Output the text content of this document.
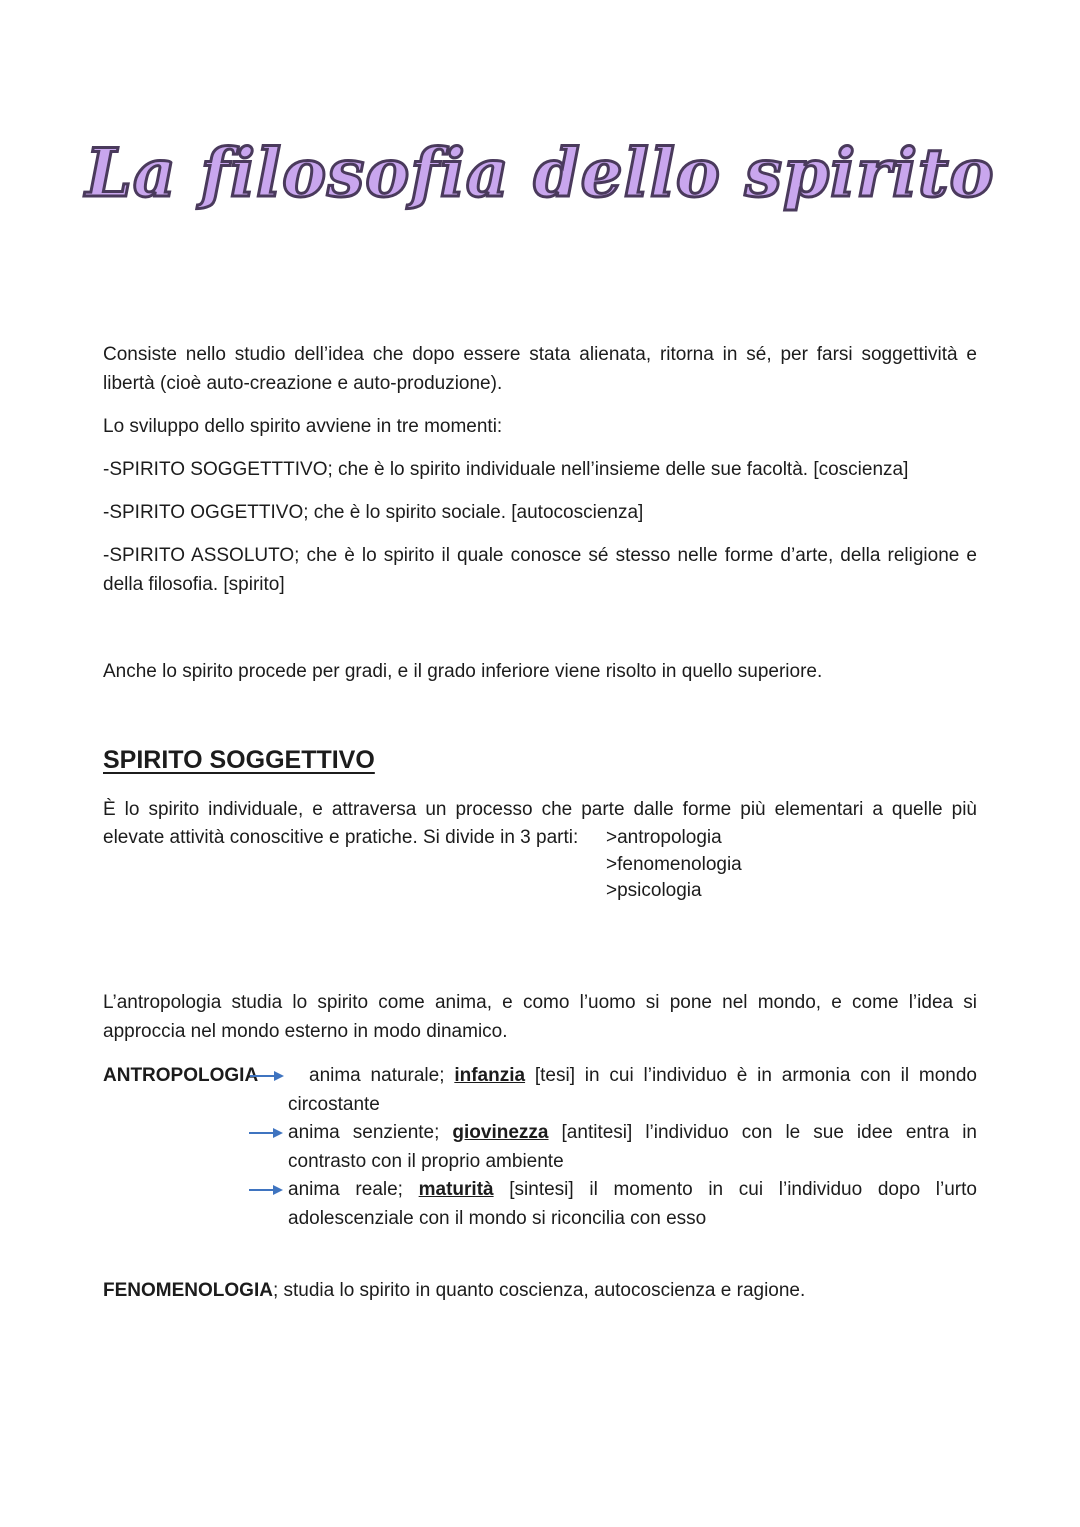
La filosofia dello spirito

Consiste nello studio dell’idea che dopo essere stata alienata, ritorna in sé, per farsi soggettività e libertà (cioè auto-creazione e auto-produzione).

Lo sviluppo dello spirito avviene in tre momenti:

-SPIRITO SOGGETTTIVO; che è lo spirito individuale nell’insieme delle sue facoltà. [coscienza]

-SPIRITO OGGETTIVO; che è lo spirito sociale. [autocoscienza]

-SPIRITO ASSOLUTO; che è lo spirito il quale conosce sé stesso nelle forme d’arte, della religione e della filosofia. [spirito]

Anche lo spirito procede per gradi, e il grado inferiore viene risolto in quello superiore.

SPIRITO SOGGETTIVO
È lo spirito individuale, e attraversa un processo che parte dalle forme più elementari a quelle più
elevate attività conoscitive e pratiche. Si divide in 3 parti: >antropologia
>fenomenologia
>psicologia

L’antropologia studia lo spirito come anima, e como l’uomo si pone nel mondo, e come l’idea si approccia nel mondo esterno in modo dinamico.

ANTROPOLOGIA	anima naturale; infanzia [tesi] in cui l’individuo è in armonia con il mondo circostante
anima senziente; giovinezza [antitesi] l’individuo con le sue idee entra in contrasto con il proprio ambiente
anima reale; maturità [sintesi] il momento in cui l’individuo dopo l’urto adolescenziale con il mondo si riconcilia con esso
FENOMENOLOGIA; studia lo spirito in quanto coscienza, autocoscienza e ragione.
